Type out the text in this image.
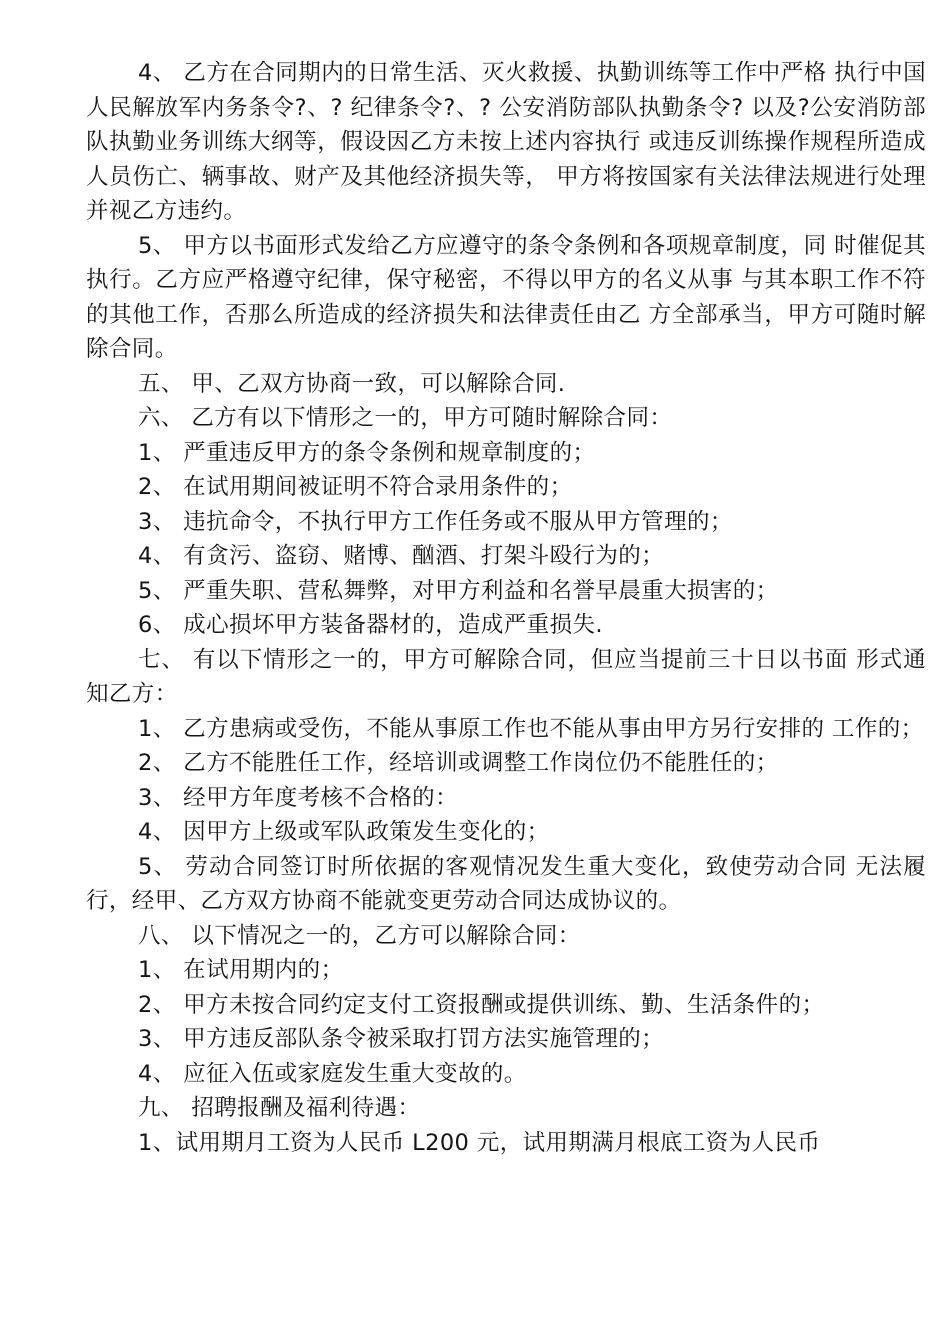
4、 乙方在合同期内的日常生活、灭火救援、执勤训练等工作中严格 执行中国人民解放军内务条令?、? 纪律条令?、? 公安消防部队执勤条令? 以及?公安消防部队执勤业务训练大纲等，假设因乙方未按上述内容执行 或违反训练操作规程所造成人员伤亡、辆事故、财产及其他经济损失等， 甲方将按国家有关法律法规进行处理并视乙方违约。

5、 甲方以书面形式发给乙方应遵守的条令条例和各项规章制度，同 时催促其执行。乙方应严格遵守纪律，保守秘密，不得以甲方的名义从事 与其本职工作不符的其他工作，否那么所造成的经济损失和法律责任由乙 方全部承当，甲方可随时解除合同。

五、 甲、乙双方协商一致，可以解除合同.

六、 乙方有以下情形之一的，甲方可随时解除合同：

1、 严重违反甲方的条令条例和规章制度的；

2、 在试用期间被证明不符合录用条件的；

3、 违抗命令，不执行甲方工作任务或不服从甲方管理的；

4、 有贪污、盗窃、赌博、酗酒、打架斗殴行为的；

5、 严重失职、营私舞弊，对甲方利益和名誉早晨重大损害的；

6、 成心损坏甲方装备器材的，造成严重损失.

七、 有以下情形之一的，甲方可解除合同，但应当提前三十日以书面 形式通知乙方：

1、 乙方患病或受伤，不能从事原工作也不能从事由甲方另行安排的 工作的；

2、 乙方不能胜任工作，经培训或调整工作岗位仍不能胜任的；

3、 经甲方年度考核不合格的：

4、 因甲方上级或军队政策发生变化的；

5、 劳动合同签订时所依据的客观情况发生重大变化，致使劳动合同 无法履行，经甲、乙方双方协商不能就变更劳动合同达成协议的。

八、 以下情况之一的，乙方可以解除合同：

1、 在试用期内的；

2、 甲方未按合同约定支付工资报酬或提供训练、勤、生活条件的；

3、 甲方违反部队条令被采取打罚方法实施管理的；

4、 应征入伍或家庭发生重大变故的。

九、 招聘报酬及福利待遇：

1、试用期月工资为人民币 L200 元，试用期满月根底工资为人民币
